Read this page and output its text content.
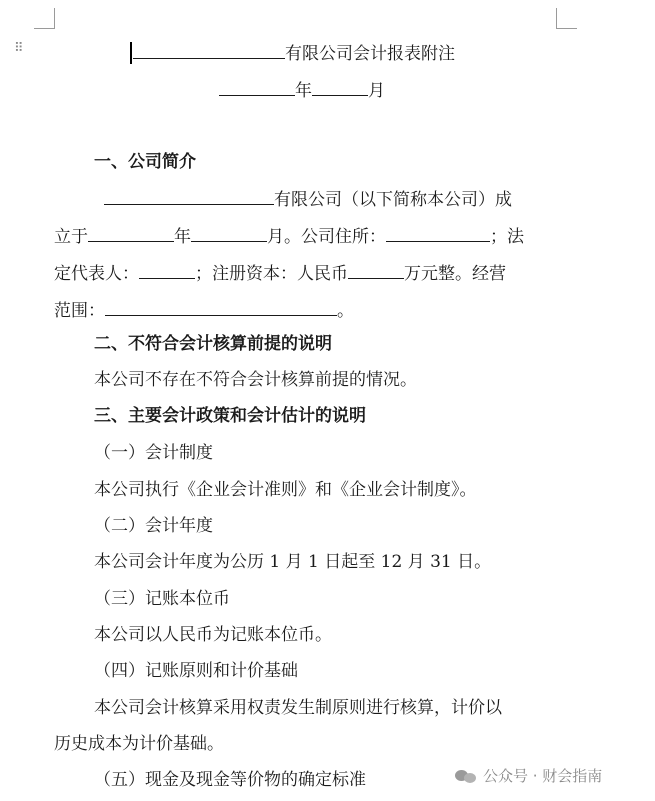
⠿	有限公司会计报表附注
年	月
一、公司简介
有限公司（以下简称本公司）成
立于	年	月。公司住所：	；法
定代表人：	；注册资本：人民币	万元整。经营
范围：	。
二、不符合会计核算前提的说明
本公司不存在不符合会计核算前提的情况。
三、主要会计政策和会计估计的说明
（一）会计制度
本公司执行《企业会计准则》和《企业会计制度》。
（二）会计年度
本公司会计年度为公历 1 月 1 日起至 12 月 31 日。
（三）记账本位币
本公司以人民币为记账本位币。
（四）记账原则和计价基础
本公司会计核算采用权责发生制原则进行核算，计价以
历史成本为计价基础。
（五）现金及现金等价物的确定标准	公众号 · 财会指南
